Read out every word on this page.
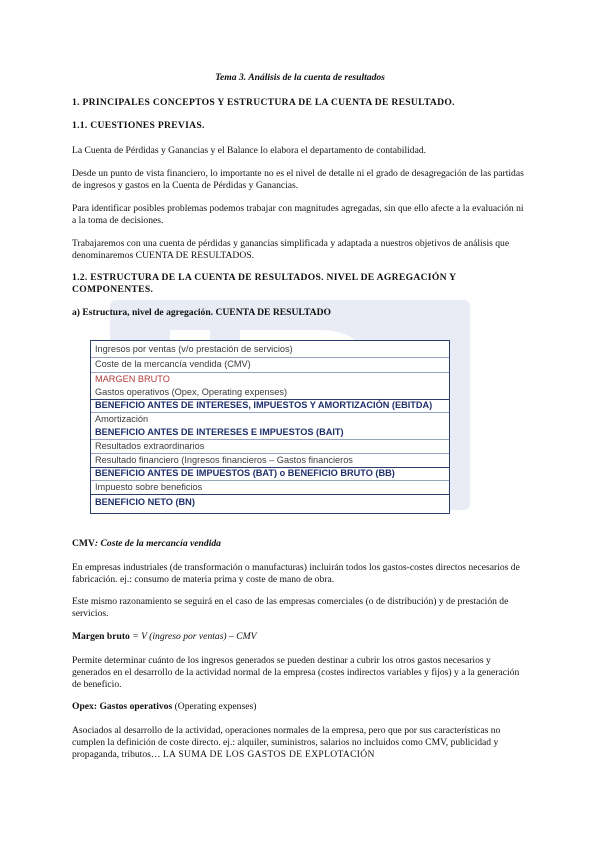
Tema 3. Análisis de la cuenta de resultados
1. PRINCIPALES CONCEPTOS Y ESTRUCTURA DE LA CUENTA DE RESULTADO.
1.1. CUESTIONES PREVIAS.
La Cuenta de Pérdidas y Ganancias y el Balance lo elabora el departamento de contabilidad.
Desde un punto de vista financiero, lo importante no es el nivel de detalle ni el grado de desagregación de las partidas de ingresos y gastos en la Cuenta de Pérdidas y Ganancias.
Para identificar posibles problemas podemos trabajar con magnitudes agregadas, sin que ello afecte a la evaluación ni a la toma de decisiones.
Trabajaremos con una cuenta de pérdidas y ganancias simplificada y adaptada a nuestros objetivos de análisis que denominaremos CUENTA DE RESULTADOS.
1.2. ESTRUCTURA DE LA CUENTA DE RESULTADOS. NIVEL DE AGREGACIÓN Y COMPONENTES.
a) Estructura, nivel de agregación. CUENTA DE RESULTADO
Ingresos por ventas (v/o prestación de servicios)
Coste de la mercancía vendida (CMV)
MARGEN BRUTO
Gastos operativos (Opex, Operating expenses)
BENEFICIO ANTES DE INTERESES, IMPUESTOS Y AMORTIZACIÓN (EBITDA)
Amortización
BENEFICIO ANTES DE INTERESES E IMPUESTOS (BAIT)
Resultados extraordinarios
Resultado financiero (Ingresos financieros – Gastos financieros
BENEFICIO ANTES DE IMPUESTOS (BAT) o BENEFICIO BRUTO (BB)
Impuesto sobre beneficios
BENEFICIO NETO (BN)
CMV: Coste de la mercancía vendida
En empresas industriales (de transformación o manufacturas) incluirán todos los gastos-costes directos necesarios de fabricación. ej.: consumo de materia prima y coste de mano de obra.
Este mismo razonamiento se seguirá en el caso de las empresas comerciales (o de distribución) y de prestación de servicios.
Margen bruto = V (ingreso por ventas) – CMV
Permite determinar cuánto de los ingresos generados se pueden destinar a cubrir los otros gastos necesarios y generados en el desarrollo de la actividad normal de la empresa (costes indirectos variables y fijos) y a la generación de beneficio.
Opex: Gastos operativos (Operating expenses)
Asociados al desarrollo de la actividad, operaciones normales de la empresa, pero que por sus características no cumplen la definición de coste directo. ej.: alquiler, suministros, salarios no incluidos como CMV, publicidad y propaganda, tributos… LA SUMA DE LOS GASTOS DE EXPLOTACIÓN
